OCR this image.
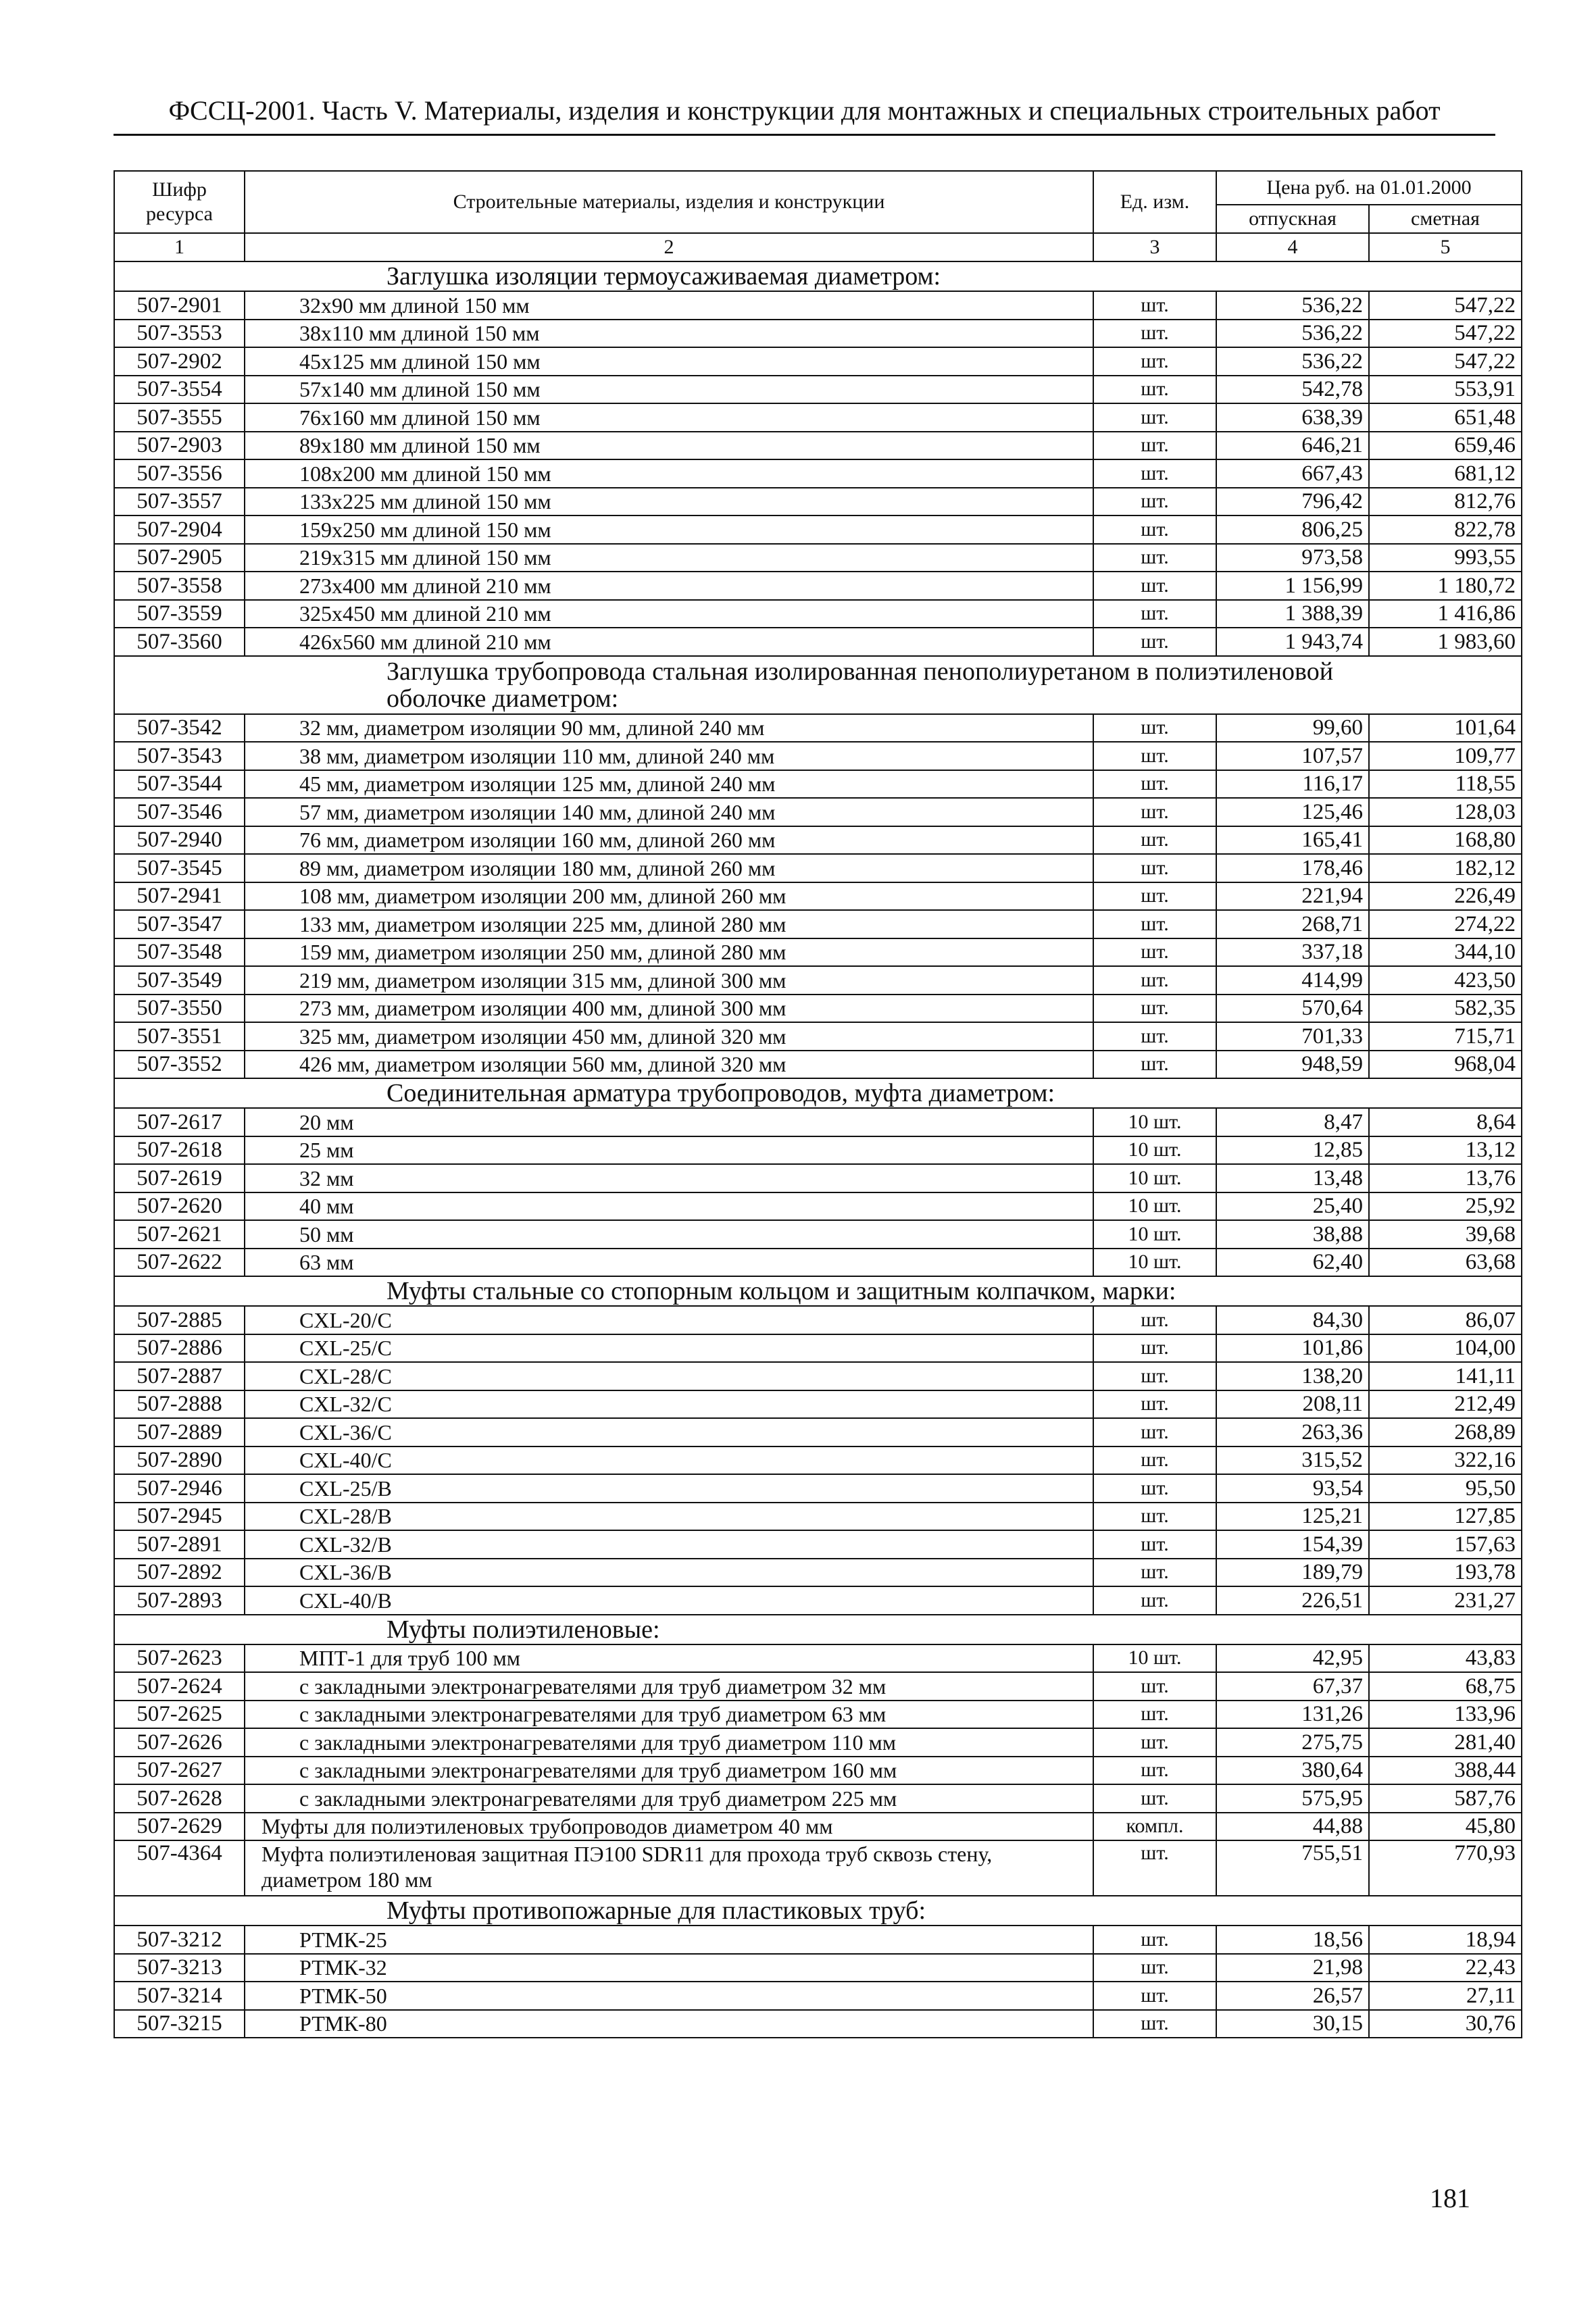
ФССЦ-2001. Часть V. Материалы, изделия и конструкции для монтажных и специальных строительных работ
Шифр ресурса	Строительные материалы, изделия и конструкции	Ед. изм.	Цена руб. на 01.01.2000	
			отпускная	сметная
1	2	3	4	5
	Заглушка изоляции термоусаживаемая диаметром:			
507-2901	32x90 мм длиной 150 мм	шт.	536,22	547,22
507-3553	38x110 мм длиной 150 мм	шт.	536,22	547,22
507-2902	45x125 мм длиной 150 мм	шт.	536,22	547,22
507-3554	57x140 мм длиной 150 мм	шт.	542,78	553,91
507-3555	76x160 мм длиной 150 мм	шт.	638,39	651,48
507-2903	89x180 мм длиной 150 мм	шт.	646,21	659,46
507-3556	108x200 мм длиной 150 мм	шт.	667,43	681,12
507-3557	133x225 мм длиной 150 мм	шт.	796,42	812,76
507-2904	159x250 мм длиной 150 мм	шт.	806,25	822,78
507-2905	219x315 мм длиной 150 мм	шт.	973,58	993,55
507-3558	273x400 мм длиной 210 мм	шт.	1 156,99	1 180,72
507-3559	325x450 мм длиной 210 мм	шт.	1 388,39	1 416,86
507-3560	426x560 мм длиной 210 мм	шт.	1 943,74	1 983,60
	Заглушка трубопровода стальная изолированная пенополиуретаном в полиэтиленовой оболочке диаметром:			
507-3542	32 мм, диаметром изоляции 90 мм, длиной 240 мм	шт.	99,60	101,64
507-3543	38 мм, диаметром изоляции 110 мм, длиной 240 мм	шт.	107,57	109,77
507-3544	45 мм, диаметром изоляции 125 мм, длиной 240 мм	шт.	116,17	118,55
507-3546	57 мм, диаметром изоляции 140 мм, длиной 240 мм	шт.	125,46	128,03
507-2940	76 мм, диаметром изоляции 160 мм, длиной 260 мм	шт.	165,41	168,80
507-3545	89 мм, диаметром изоляции 180 мм, длиной 260 мм	шт.	178,46	182,12
507-2941	108 мм, диаметром изоляции 200 мм, длиной 260 мм	шт.	221,94	226,49
507-3547	133 мм, диаметром изоляции 225 мм, длиной 280 мм	шт.	268,71	274,22
507-3548	159 мм, диаметром изоляции 250 мм, длиной 280 мм	шт.	337,18	344,10
507-3549	219 мм, диаметром изоляции 315 мм, длиной 300 мм	шт.	414,99	423,50
507-3550	273 мм, диаметром изоляции 400 мм, длиной 300 мм	шт.	570,64	582,35
507-3551	325 мм, диаметром изоляции 450 мм, длиной 320 мм	шт.	701,33	715,71
507-3552	426 мм, диаметром изоляции 560 мм, длиной 320 мм	шт.	948,59	968,04
	Соединительная арматура трубопроводов, муфта диаметром:			
507-2617	20 мм	10 шт.	8,47	8,64
507-2618	25 мм	10 шт.	12,85	13,12
507-2619	32 мм	10 шт.	13,48	13,76
507-2620	40 мм	10 шт.	25,40	25,92
507-2621	50 мм	10 шт.	38,88	39,68
507-2622	63 мм	10 шт.	62,40	63,68
	Муфты стальные со стопорным кольцом и защитным колпачком, марки:			
507-2885	CXL-20/C	шт.	84,30	86,07
507-2886	CXL-25/C	шт.	101,86	104,00
507-2887	CXL-28/C	шт.	138,20	141,11
507-2888	CXL-32/C	шт.	208,11	212,49
507-2889	CXL-36/C	шт.	263,36	268,89
507-2890	CXL-40/C	шт.	315,52	322,16
507-2946	CXL-25/B	шт.	93,54	95,50
507-2945	CXL-28/B	шт.	125,21	127,85
507-2891	CXL-32/B	шт.	154,39	157,63
507-2892	CXL-36/B	шт.	189,79	193,78
507-2893	CXL-40/B	шт.	226,51	231,27
	Муфты полиэтиленовые:			
507-2623	МПТ-1 для труб 100 мм	10 шт.	42,95	43,83
507-2624	с закладными электронагревателями для труб диаметром 32 мм	шт.	67,37	68,75
507-2625	с закладными электронагревателями для труб диаметром 63 мм	шт.	131,26	133,96
507-2626	с закладными электронагревателями для труб диаметром 110 мм	шт.	275,75	281,40
507-2627	с закладными электронагревателями для труб диаметром 160 мм	шт.	380,64	388,44
507-2628	с закладными электронагревателями для труб диаметром 225 мм	шт.	575,95	587,76
507-2629	Муфты для полиэтиленовых трубопроводов диаметром 40 мм	компл.	44,88	45,80
507-4364	Муфта полиэтиленовая защитная ПЭ100 SDR11 для прохода труб сквозь стену, диаметром 180 мм	шт.	755,51	770,93
	Муфты противопожарные для пластиковых труб:			
507-3212	РТМК-25	шт.	18,56	18,94
507-3213	РТМК-32	шт.	21,98	22,43
507-3214	РТМК-50	шт.	26,57	27,11
507-3215	РТМК-80	шт.	30,15	30,76
181
